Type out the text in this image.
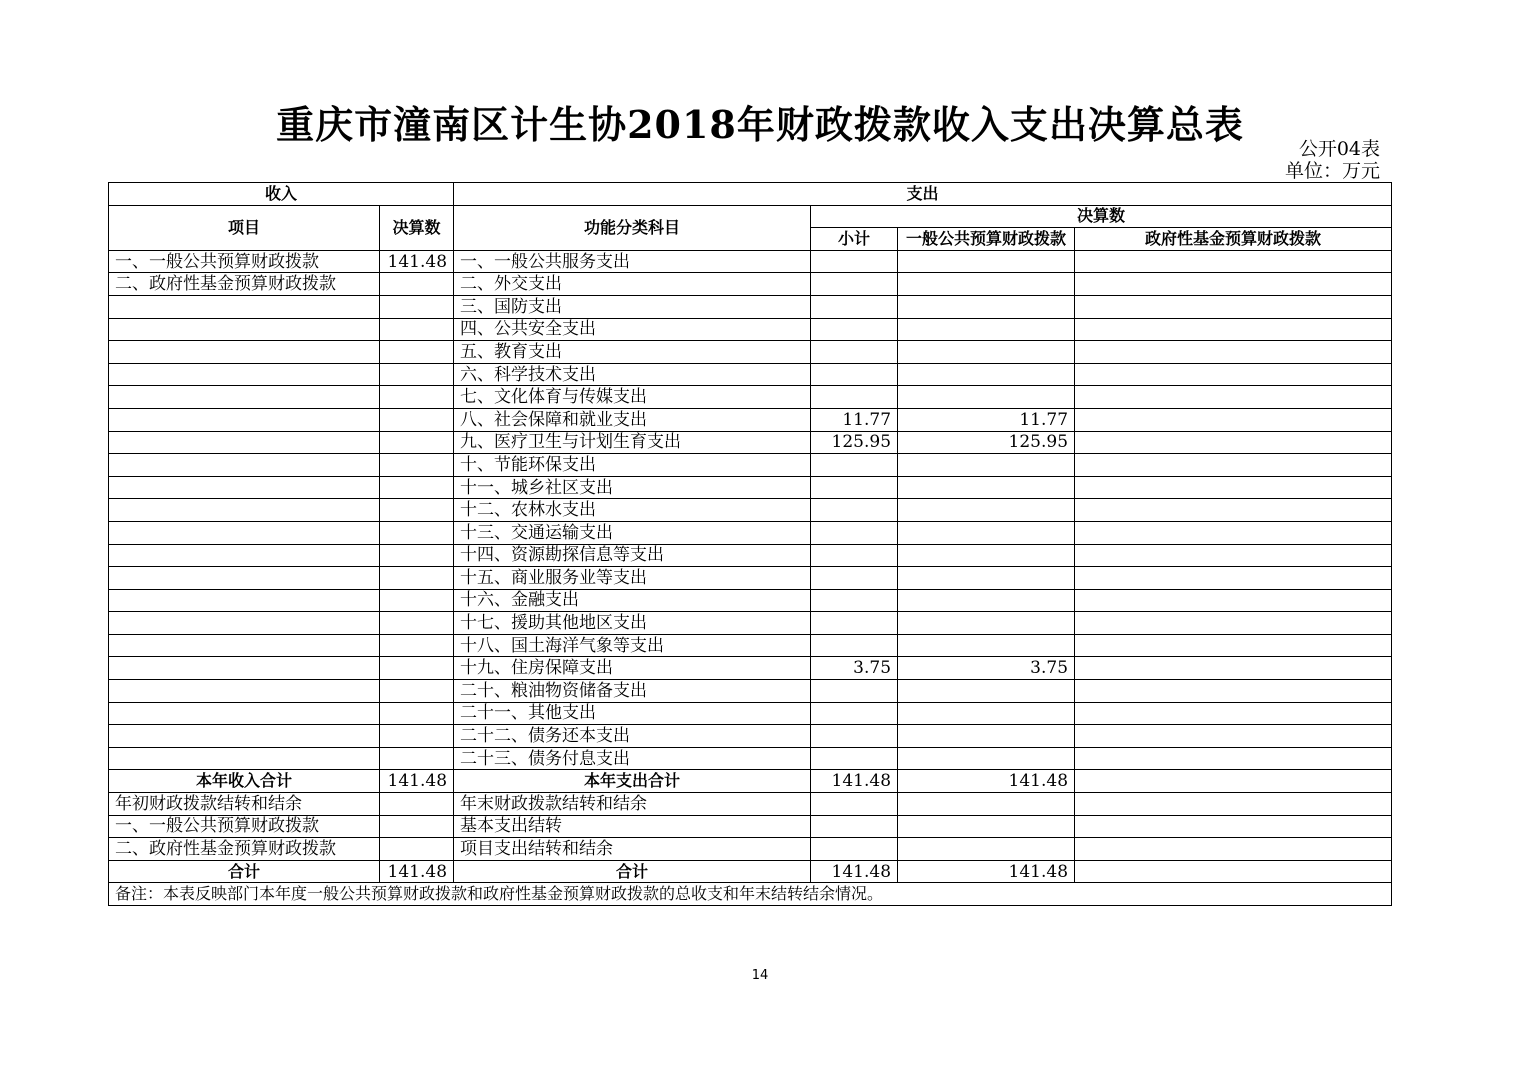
重庆市潼南区计生协2018年财政拨款收入支出决算总表
公开04表
单位：万元
收入		支出			
项目	决算数	功能分类科目	决算数		
			小计	一般公共预算财政拨款	政府性基金预算财政拨款

一、一般公共预算财政拨款	141.48	一、一般公共服务支出			
二、政府性基金预算财政拨款		二、外交支出			
		三、国防支出			
		四、公共安全支出			
		五、教育支出			
		六、科学技术支出			
		七、文化体育与传媒支出			
		八、社会保障和就业支出	11.77	11.77	
		九、医疗卫生与计划生育支出	125.95	125.95	
		十、节能环保支出			
		十一、城乡社区支出			
		十二、农林水支出			
		十三、交通运输支出			
		十四、资源勘探信息等支出			
		十五、商业服务业等支出			
		十六、金融支出			
		十七、援助其他地区支出			
		十八、国土海洋气象等支出			
		十九、住房保障支出	3.75	3.75	
		二十、粮油物资储备支出			
		二十一、其他支出			
		二十二、债务还本支出			
		二十三、债务付息支出			
本年收入合计	141.48	本年支出合计	141.48	141.48	
年初财政拨款结转和结余		年末财政拨款结转和结余			
一、一般公共预算财政拨款		基本支出结转			
二、政府性基金预算财政拨款		项目支出结转和结余			
合计	141.48	合计	141.48	141.48	
备注：本表反映部门本年度一般公共预算财政拨款和政府性基金预算财政拨款的总收支和年末结转结余情况。					
14
